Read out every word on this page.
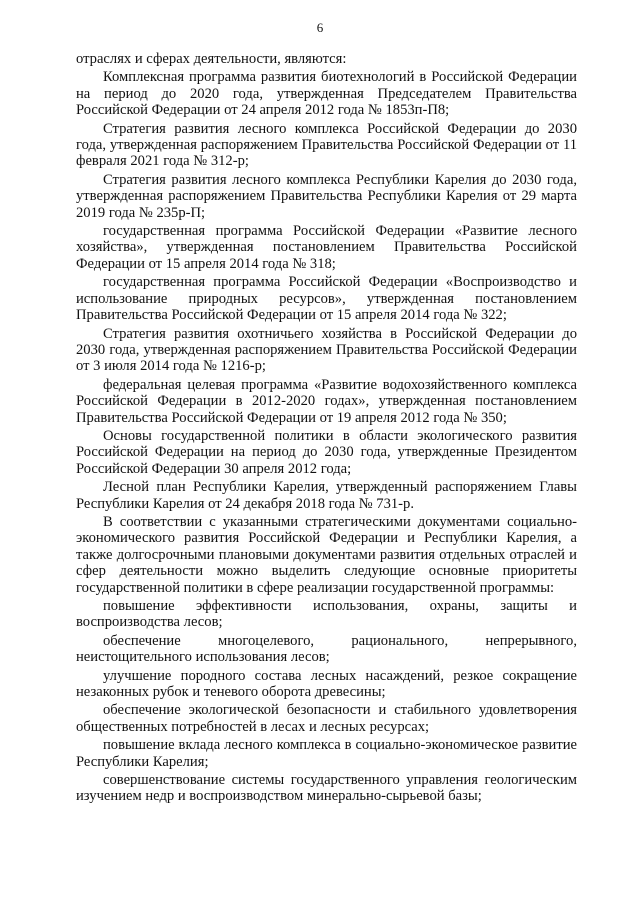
6

отраслях и сферах деятельности, являются:

Комплексная программа развития биотехнологий в Российской Федерации на период до 2020 года, утвержденная Председателем Правительства Российской Федерации от 24 апреля 2012 года № 1853п-П8;

Стратегия развития лесного комплекса Российской Федерации до 2030 года, утвержденная распоряжением Правительства Российской Федерации от 11 февраля 2021 года № 312-р;

Стратегия развития лесного комплекса Республики Карелия до 2030 года, утвержденная распоряжением Правительства Республики Карелия от 29 марта 2019 года № 235р-П;

государственная программа Российской Федерации «Развитие лесного хозяйства», утвержденная постановлением Правительства Российской Федерации от 15 апреля 2014 года № 318;

государственная программа Российской Федерации «Воспроизводство и использование природных ресурсов», утвержденная постановлением Правительства Российской Федерации от 15 апреля 2014 года № 322;

Стратегия развития охотничьего хозяйства в Российской Федерации до 2030 года, утвержденная распоряжением Правительства Российской Федерации от 3 июля 2014 года № 1216-р;

федеральная целевая программа «Развитие водохозяйственного комплекса Российской Федерации в 2012-2020 годах», утвержденная постановлением Правительства Российской Федерации от 19 апреля 2012 года № 350;

Основы государственной политики в области экологического развития Российской Федерации на период до 2030 года, утвержденные Президентом Российской Федерации 30 апреля 2012 года;

Лесной план Республики Карелия, утвержденный распоряжением Главы Республики Карелия от 24 декабря 2018 года № 731-р.

В соответствии с указанными стратегическими документами социально-экономического развития Российской Федерации и Республики Карелия, а также долгосрочными плановыми документами развития отдельных отраслей и сфер деятельности можно выделить следующие основные приоритеты государственной политики в сфере реализации государственной программы:

повышение эффективности использования, охраны, защиты и воспроизводства лесов;

обеспечение многоцелевого, рационального, непрерывного, неистощительного использования лесов;

улучшение породного состава лесных насаждений, резкое сокращение незаконных рубок и теневого оборота древесины;

обеспечение экологической безопасности и стабильного удовлетворения общественных потребностей в лесах и лесных ресурсах;

повышение вклада лесного комплекса в социально-экономическое развитие Республики Карелия;

совершенствование системы государственного управления геологическим изучением недр и воспроизводством минерально-сырьевой базы;
